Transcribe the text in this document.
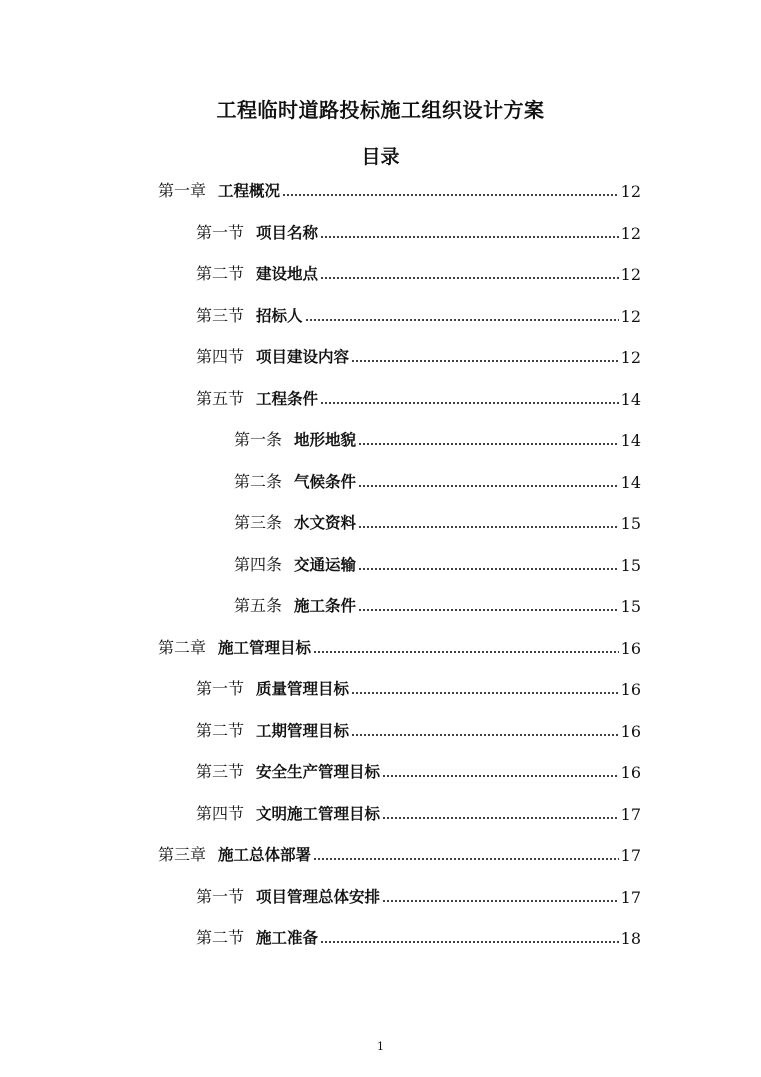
工程临时道路投标施工组织设计方案
目录
第一章 工程概况	12
第一节 项目名称	12
第二节 建设地点	12
第三节 招标人	12
第四节 项目建设内容	12
第五节 工程条件	14
第一条 地形地貌	14
第二条 气候条件	14
第三条 水文资料	15
第四条 交通运输	15
第五条 施工条件	15
第二章 施工管理目标	16
第一节 质量管理目标	16
第二节 工期管理目标	16
第三节 安全生产管理目标	16
第四节 文明施工管理目标	17
第三章 施工总体部署	17
第一节 项目管理总体安排	17
第二节 施工准备	18
1
